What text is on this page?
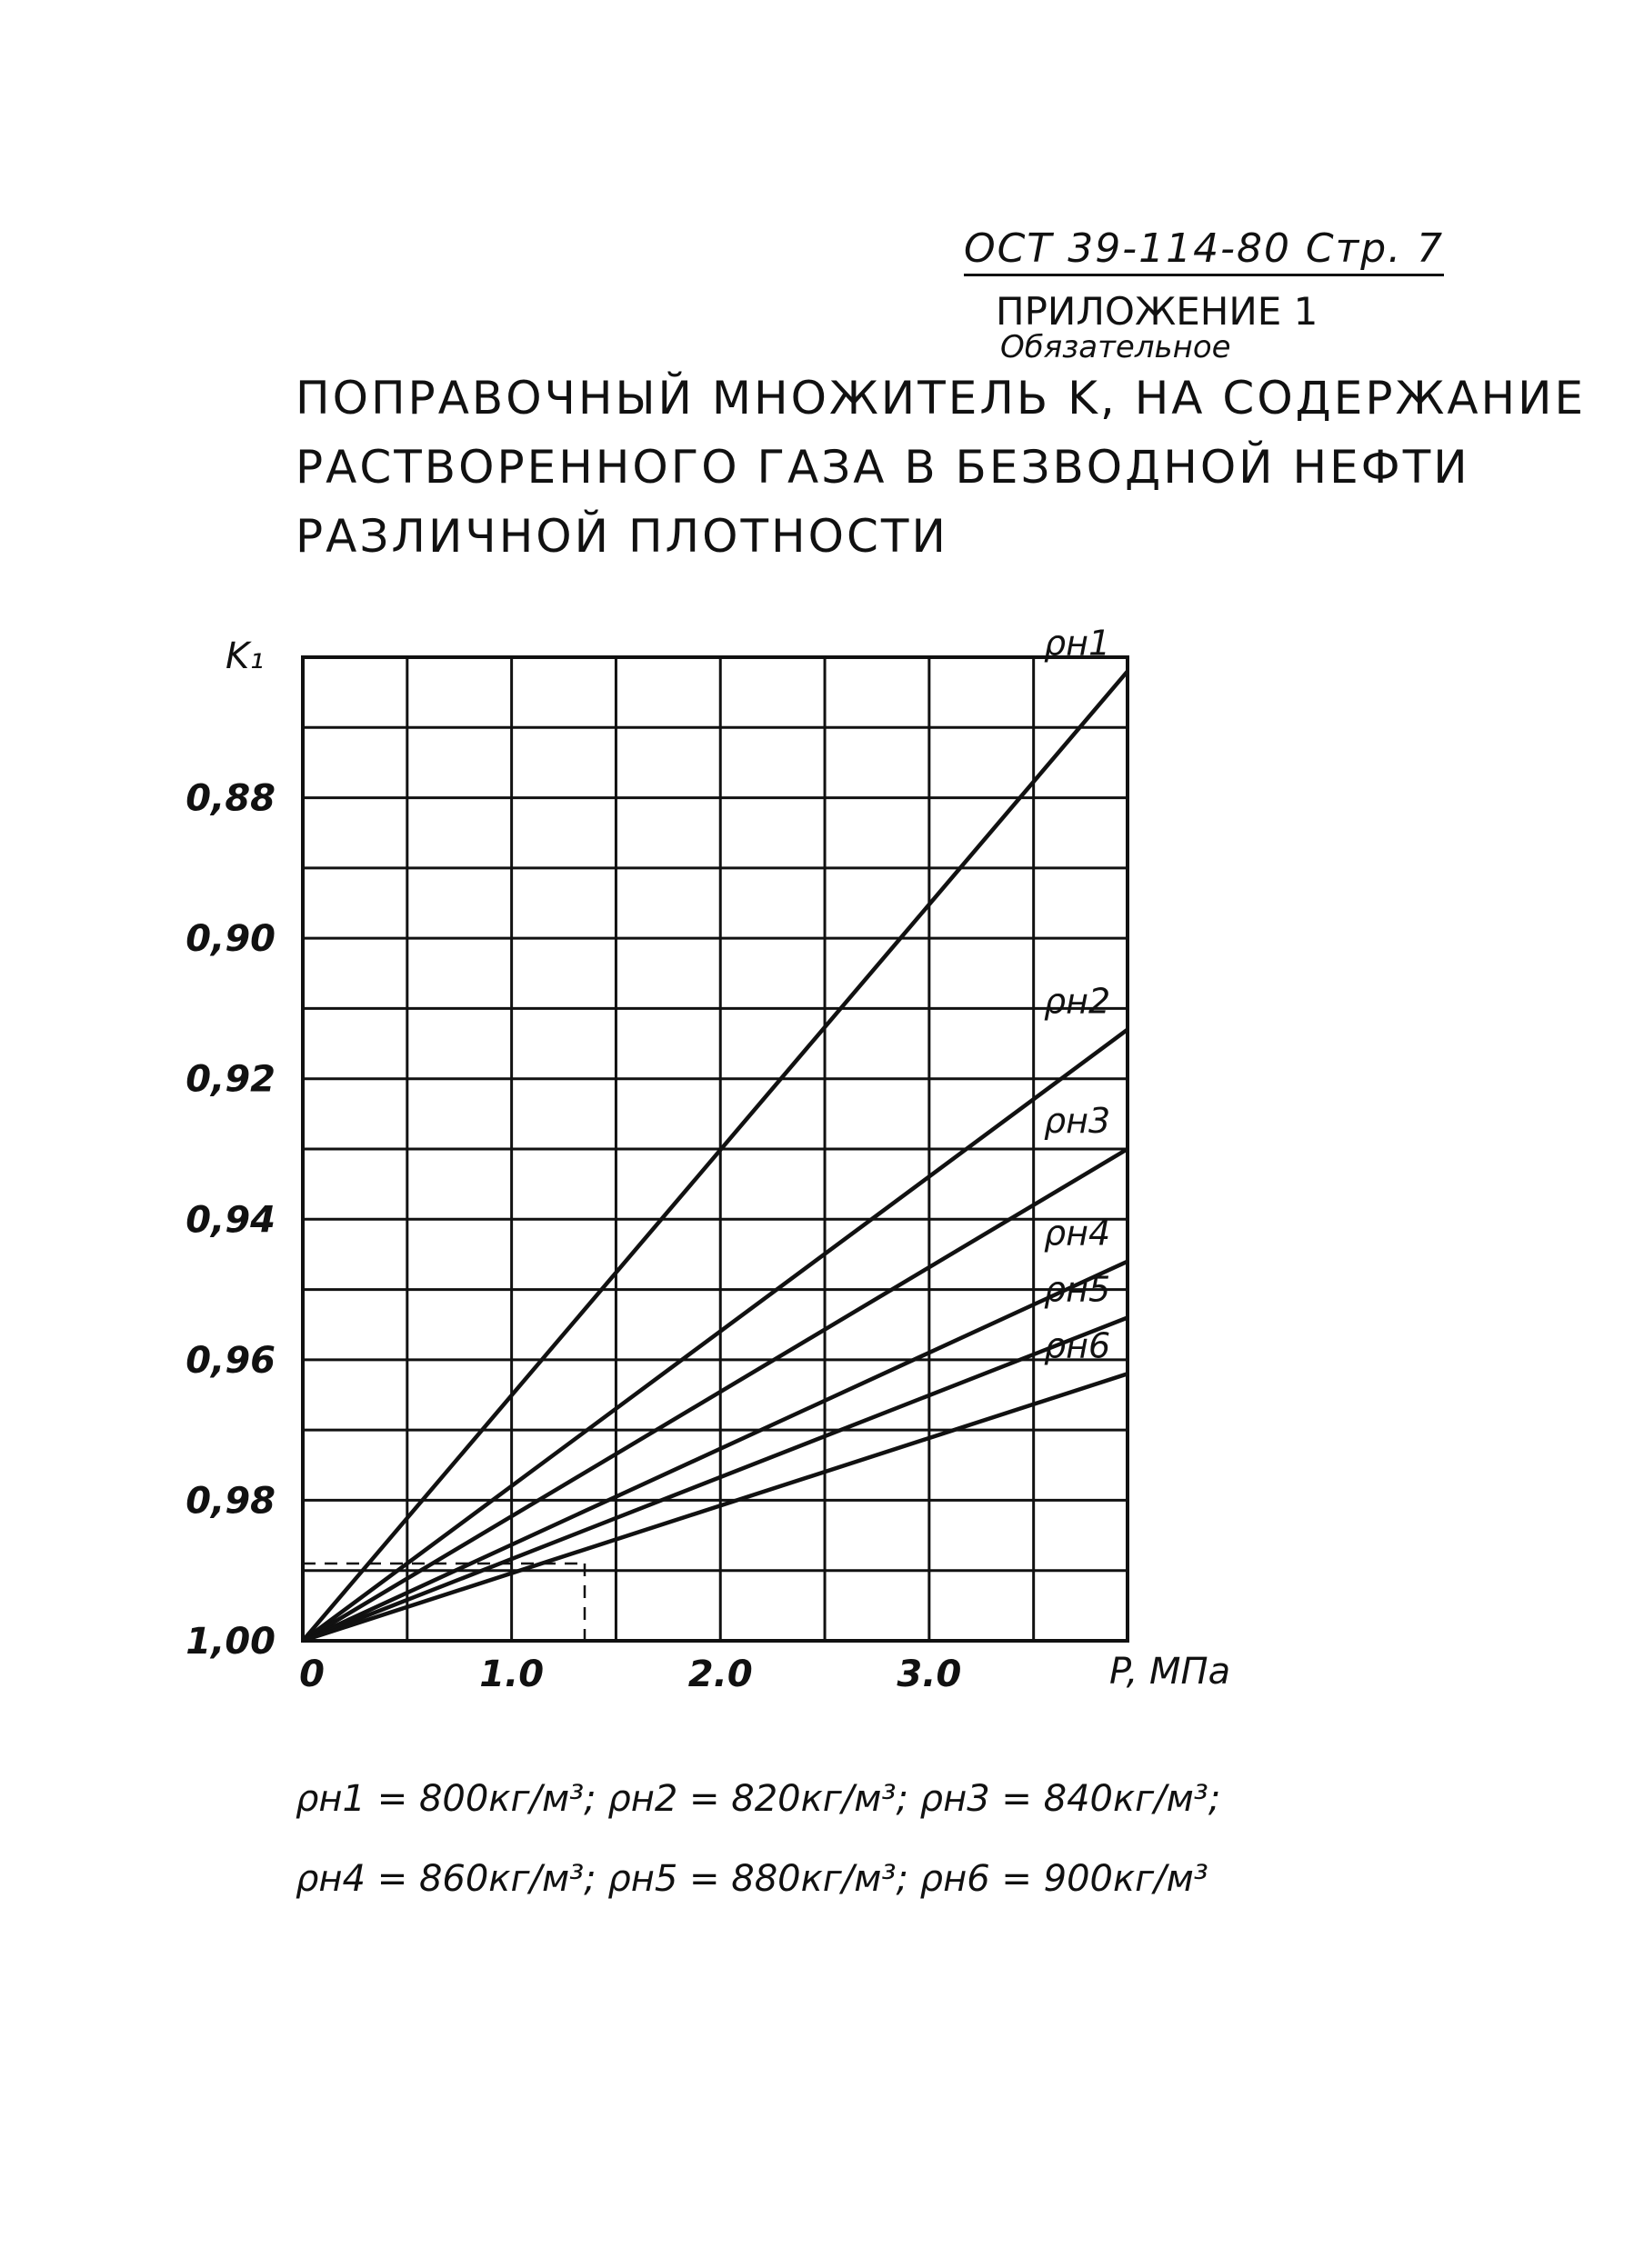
ОСТ 39-114-80 Стр. 7
ПРИЛОЖЕНИЕ 1
Обязательное
ПОПРАВОЧНЫЙ МНОЖИТЕЛЬ K, НА СОДЕРЖАНИЕ
РАСТВОРЕННОГО ГАЗА В БЕЗВОДНОЙ НЕФТИ
РАЗЛИЧНОЙ ПЛОТНОСТИ
ρн1
ρн2
ρн3
ρн4
ρн5
ρн6
0,88
0,90
0,92
0,94
0,96
0,98
1,00
0	1.0	2.0	3.0
K₁
P, МПа
ρн1 = 800кг/м³; ρн2 = 820кг/м³; ρн3 = 840кг/м³;
ρн4 = 860кг/м³; ρн5 = 880кг/м³; ρн6 = 900кг/м³
